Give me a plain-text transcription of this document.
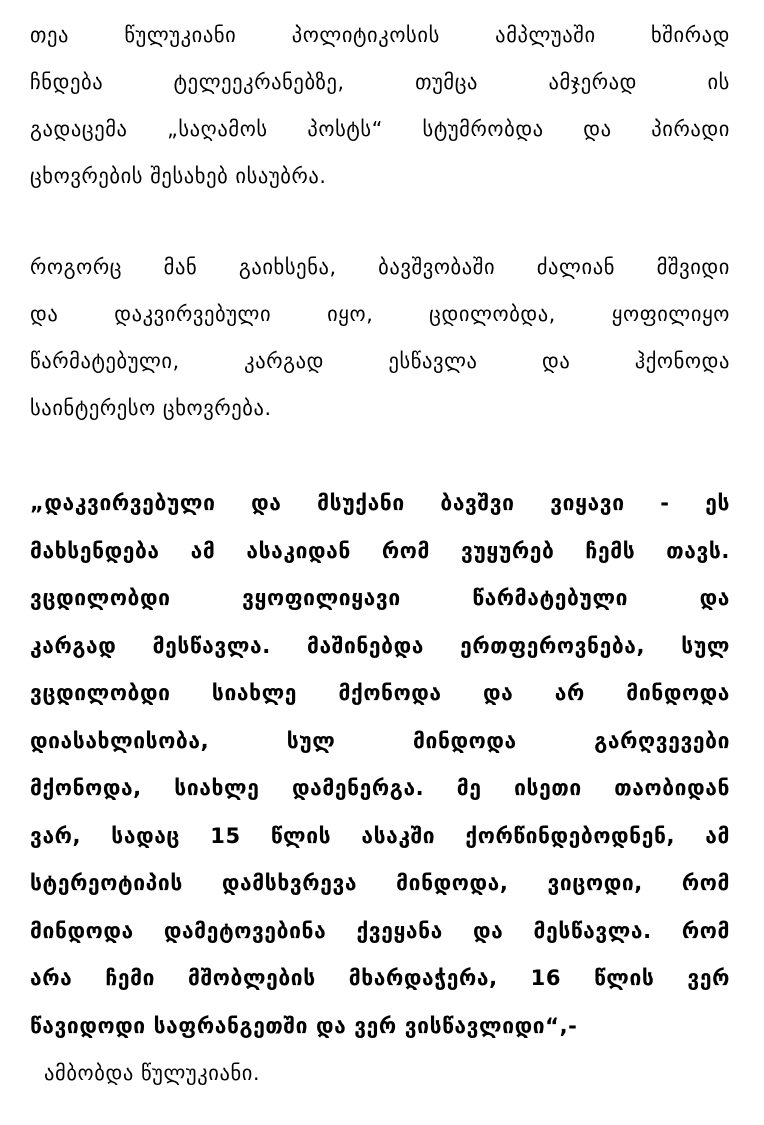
თეა წულუკიანი პოლიტიკოსის ამპლუაში ხშირად
ჩნდება ტელეეკრანებზე, თუმცა ამჯერად ის
გადაცემა „საღამოს პოსტს“ სტუმრობდა და პირადი
ცხოვრების შესახებ ისაუბრა.

როგორც მან გაიხსენა, ბავშვობაში ძალიან მშვიდი
და დაკვირვებული იყო, ცდილობდა, ყოფილიყო
წარმატებული, კარგად ესწავლა და ჰქონოდა
საინტერესო ცხოვრება.

„დაკვირვებული და მსუქანი ბავშვი ვიყავი - ეს
მახსენდება ამ ასაკიდან რომ ვუყურებ ჩემს თავს.
ვცდილობდი ვყოფილიყავი წარმატებული და
კარგად მესწავლა. მაშინებდა ერთფეროვნება, სულ
ვცდილობდი სიახლე მქონოდა და არ მინდოდა
დიასახლისობა, სულ მინდოდა გარღვევები
მქონოდა, სიახლე დამენერგა. მე ისეთი თაობიდან
ვარ, სადაც 15 წლის ასაკში ქორწინდებოდნენ, ამ
სტერეოტიპის დამსხვრევა მინდოდა, ვიცოდი, რომ
მინდოდა დამეტოვებინა ქვეყანა და მესწავლა. რომ
არა ჩემი მშობლების მხარდაჭერა, 16 წლის ვერ
წავიდოდი საფრანგეთში და ვერ ვისწავლიდი“,-

ამბობდა წულუკიანი.
